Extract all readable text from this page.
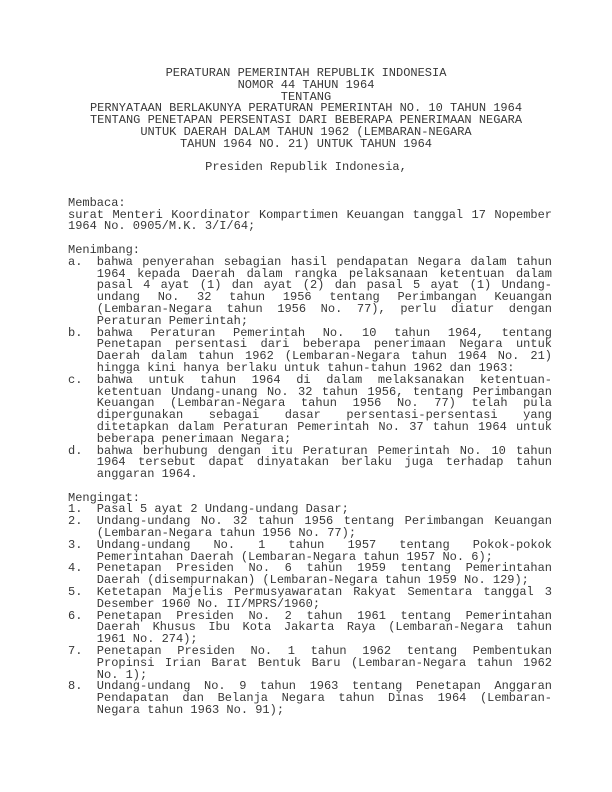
PERATURAN PEMERINTAH REPUBLIK INDONESIA
NOMOR 44 TAHUN 1964
TENTANG
PERNYATAAN BERLAKUNYA PERATURAN PEMERINTAH NO. 10 TAHUN 1964
TENTANG PENETAPAN PERSENTASI DARI BEBERAPA PENERIMAAN NEGARA
UNTUK DAERAH DALAM TAHUN 1962 (LEMBARAN-NEGARA
TAHUN 1964 NO. 21) UNTUK TAHUN 1964
Presiden Republik Indonesia,
Membaca:
surat Menteri Koordinator Kompartimen Keuangan tanggal 17 Nopember
1964 No. 0905/M.K. 3/I/64;
Menimbang:
a.	bahwa penyerahan sebagian hasil pendapatan Negara dalam tahun
1964 kepada Daerah dalam rangka pelaksanaan ketentuan dalam
pasal 4 ayat (1) dan ayat (2) dan pasal 5 ayat (1) Undang-
undang No. 32 tahun 1956 tentang Perimbangan Keuangan
(Lembaran-Negara tahun 1956 No. 77), perlu diatur dengan
Peraturan Pemerintah;
b.	bahwa Peraturan Pemerintah No. 10 tahun 1964, tentang
Penetapan persentasi dari beberapa penerimaan Negara untuk
Daerah dalam tahun 1962 (Lembaran-Negara tahun 1964 No. 21)
hingga kini hanya berlaku untuk tahun-tahun 1962 dan 1963:
c.	bahwa untuk tahun 1964 di dalam melaksanakan ketentuan-
ketentuan Undang-unang No. 32 tahun 1956, tentang Perimbangan
Keuangan (Lembaran-Negara tahun 1956 No. 77) telah pula
dipergunakan sebagai dasar persentasi-persentasi yang
ditetapkan dalam Peraturan Pemerintah No. 37 tahun 1964 untuk
beberapa penerimaan Negara;
d.	bahwa berhubung dengan itu Peraturan Pemerintah No. 10 tahun
1964 tersebut dapat dinyatakan berlaku juga terhadap tahun
anggaran 1964.
Mengingat:
1.	Pasal 5 ayat 2 Undang-undang Dasar;
2.	Undang-undang No. 32 tahun 1956 tentang Perimbangan Keuangan
(Lembaran-Negara tahun 1956 No. 77);
3.	Undang-undang No. 1 tahun 1957 tentang Pokok-pokok
Pemerintahan Daerah (Lembaran-Negara tahun 1957 No. 6);
4.	Penetapan Presiden No. 6 tahun 1959 tentang Pemerintahan
Daerah (disempurnakan) (Lembaran-Negara tahun 1959 No. 129);
5.	Ketetapan Majelis Permusyawaratan Rakyat Sementara tanggal 3
Desember 1960 No. II/MPRS/1960;
6.	Penetapan Presiden No. 2 tahun 1961 tentang Pemerintahan
Daerah Khusus Ibu Kota Jakarta Raya (Lembaran-Negara tahun
1961 No. 274);
7.	Penetapan Presiden No. 1 tahun 1962 tentang Pembentukan
Propinsi Irian Barat Bentuk Baru (Lembaran-Negara tahun 1962
No. 1);
8.	Undang-undang No. 9 tahun 1963 tentang Penetapan Anggaran
Pendapatan dan Belanja Negara tahun Dinas 1964 (Lembaran-
Negara tahun 1963 No. 91);
